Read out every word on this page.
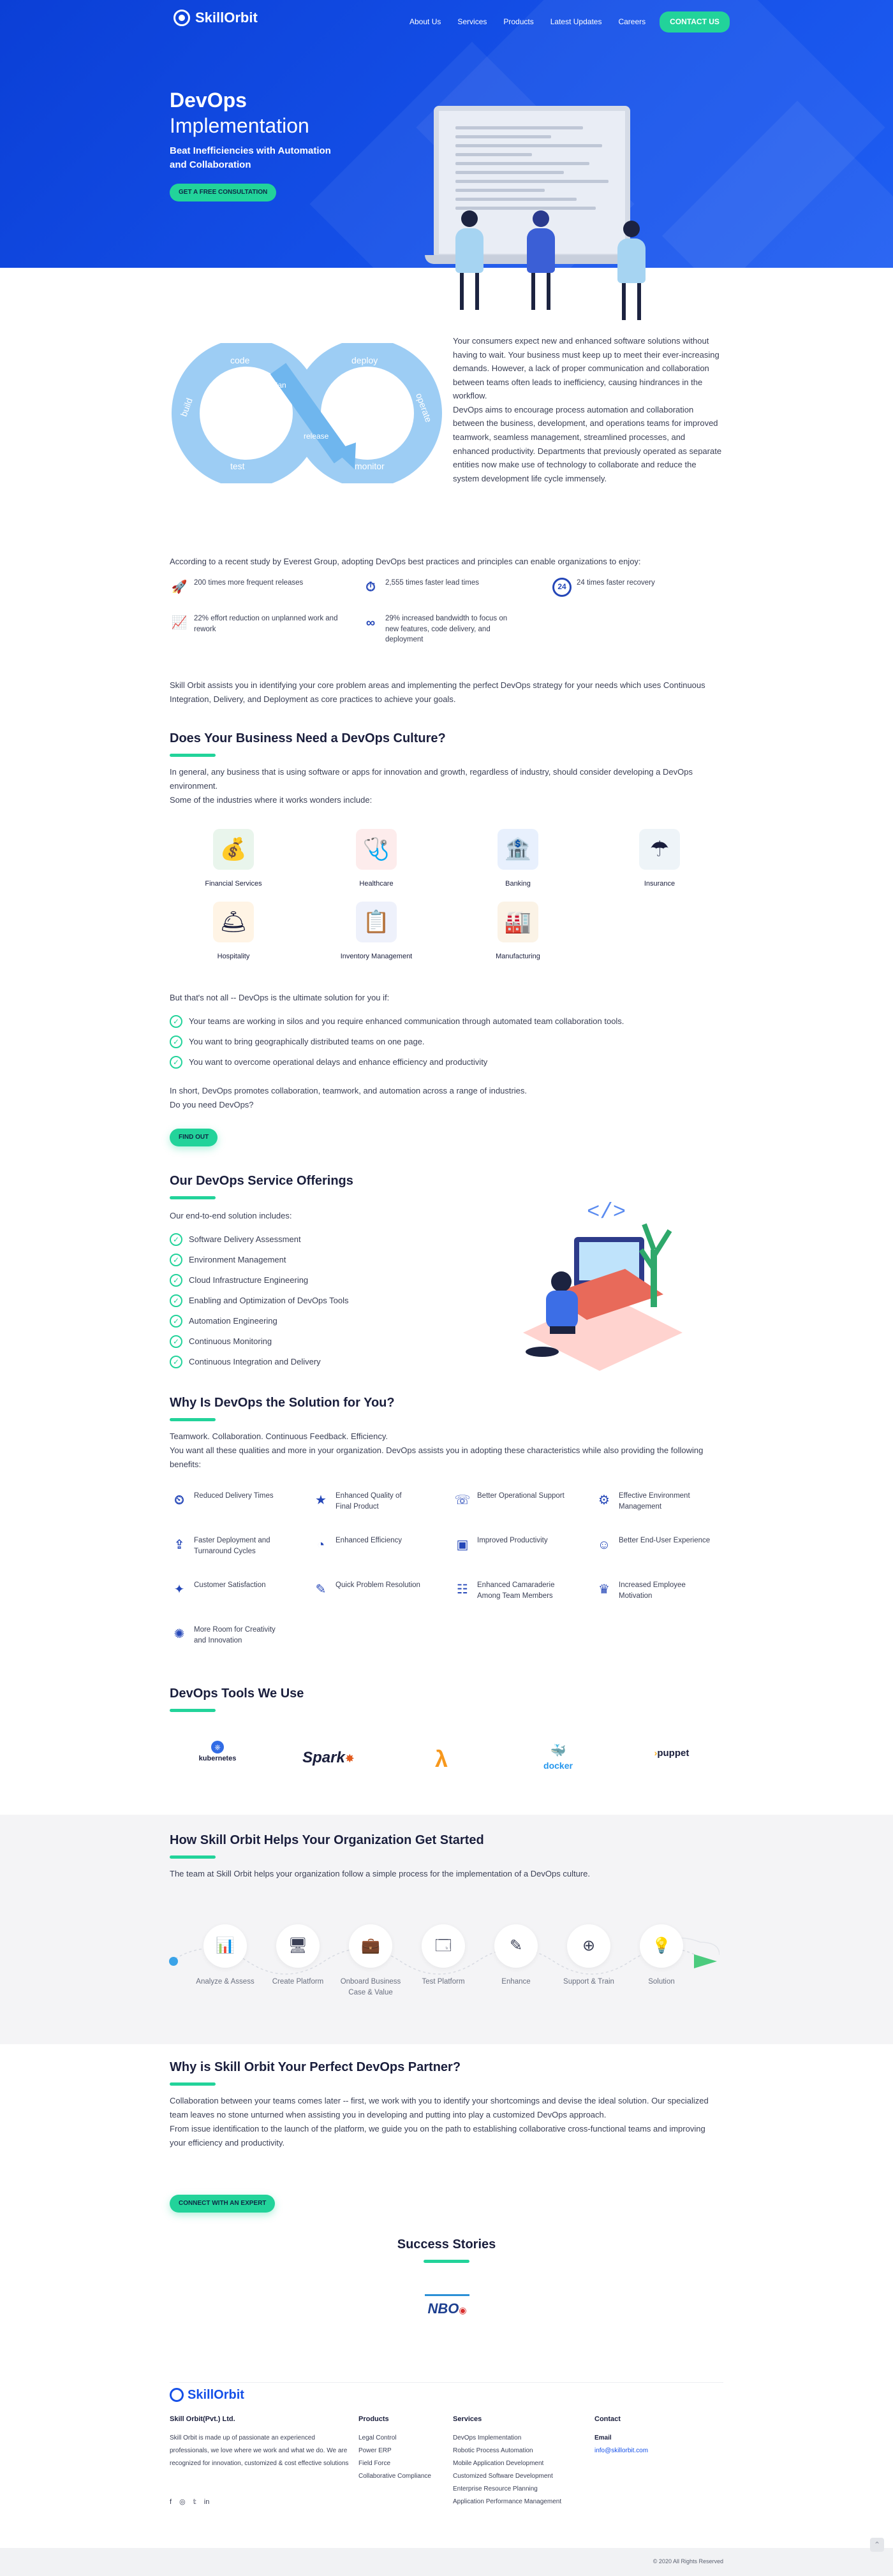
SkillOrbit	About Us Services Products Latest Updates Careers	CONTACT US
DevOps
Implementation
Beat Inefficiencies with Automation and Collaboration
GET A FREE CONSULTATION
Dev	Ops
code
build
test
plan
release
deploy
operate
monitor
Your consumers expect new and enhanced software solutions without having to wait. Your business must keep up to meet their ever-increasing demands. However, a lack of proper communication and collaboration between teams often leads to inefficiency, causing hindrances in the workflow.
DevOps aims to encourage process automation and collaboration between the business, development, and operations teams for improved teamwork, seamless management, streamlined processes, and enhanced productivity. Departments that previously operated as separate entities now make use of technology to collaborate and reduce the system development life cycle immensely.
According to a recent study by Everest Group, adopting DevOps best practices and principles can enable organizations to enjoy:
🚀 200 times more frequent releases	⏱	2,555 times faster lead times	24	24 times faster recovery
📈 22% effort reduction on unplanned work and rework	∞	29% increased bandwidth to focus on new features, code delivery, and deployment
Skill Orbit assists you in identifying your core problem areas and implementing the perfect DevOps strategy for your needs which uses Continuous Integration, Delivery, and Deployment as core practices to achieve your goals.
Does Your Business Need a DevOps Culture?
In general, any business that is using software or apps for innovation and growth, regardless of industry, should consider developing a DevOps environment.
Some of the industries where it works wonders include:
💰
Financial Services
🩺
Healthcare
🏦
Banking
☂
Insurance
🛎
Hospitality
📋
Inventory Management
🏭
Manufacturing
But that's not all -- DevOps is the ultimate solution for you if:
✓	Your teams are working in silos and you require enhanced communication through automated team collaboration tools.
✓	You want to bring geographically distributed teams on one page.
✓	You want to overcome operational delays and enhance efficiency and productivity
In short, DevOps promotes collaboration, teamwork, and automation across a range of industries.
Do you need DevOps?
FIND OUT
Our DevOps Service Offerings
Our end-to-end solution includes:
✓	Software Delivery Assessment
✓	Environment Management
✓	Cloud Infrastructure Engineering
✓	Enabling and Optimization of DevOps Tools
✓	Automation Engineering
✓	Continuous Monitoring
✓	Continuous Integration and Delivery
</>
Why Is DevOps the Solution for You?
Teamwork. Collaboration. Continuous Feedback. Efficiency.
You want all these qualities and more in your organization. DevOps assists you in adopting these characteristics while also providing the following benefits:
⏲	Reduced Delivery Times	★	Enhanced Quality of Final Product	☏ Better Operational Support	⚙	Effective Environment Management
⇪	Faster Deployment and Turnaround Cycles	◔	Enhanced Efficiency	▣	Improved Productivity	☺	Better End-User Experience
✦	Customer Satisfaction	✎	Quick Problem Resolution	☷	Enhanced Camaraderie Among Team Members	♛	Increased Employee Motivation
✺	More Room for Creativity and Innovation
DevOps Tools We Use
⎈
kubernetes	Spark✸	λ	🐳
docker
›puppet
How Skill Orbit Helps Your Organization Get Started
The team at Skill Orbit helps your organization follow a simple process for the implementation of a DevOps culture.
📊
Analyze & Assess
🖥
Create Platform
💼
Onboard Business Case & Value
🗔
Test Platform
✎
Enhance
⊕
Support & Train
💡
Solution
Why is Skill Orbit Your Perfect DevOps Partner?
Collaboration between your teams comes later -- first, we work with you to identify your shortcomings and devise the ideal solution. Our specialized team leaves no stone unturned when assisting you in developing and putting into play a customized DevOps approach.
From issue identification to the launch of the platform, we guide you on the path to establishing collaborative cross-functional teams and improving your efficiency and productivity.
CONNECT WITH AN EXPERT
Success Stories
NBO◉
SkillOrbit
Skill Orbit(Pvt.) Ltd.
Skill Orbit is made up of passionate an experienced professionals, we love where we work and what we do. We are recognized for innovation, customized & cost effective solutions
f ◎ 𝕥 in
Products
Legal Control
Power ERP
Field Force
Collaborative Compliance
Services
DevOps Implementation
Robotic Process Automation
Mobile Application Development
Customized Software Development
Enterprise Resource Planning
Application Performance Management
Contact
Email
info@skillorbit.com
© 2020 All Rights Reserved
⌃
